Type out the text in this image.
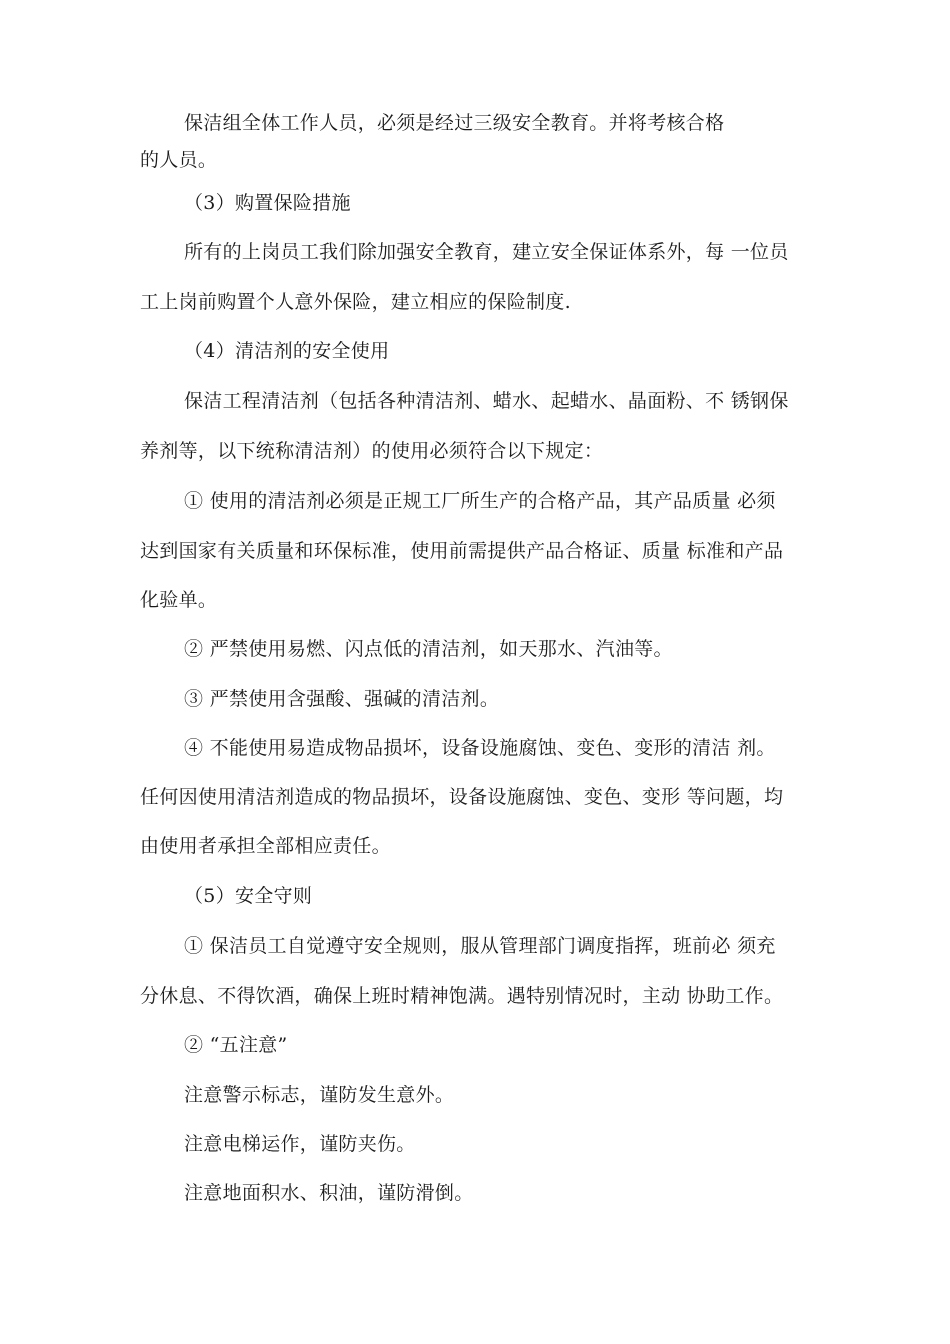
保洁组全体工作人员，必须是经过三级安全教育。并将考核合格
的人员。
（3）购置保险措施
所有的上岗员工我们除加强安全教育，建立安全保证体系外，每 一位员
工上岗前购置个人意外保险，建立相应的保险制度.
（4）清洁剂的安全使用
保洁工程清洁剂（包括各种清洁剂、蜡水、起蜡水、晶面粉、不 锈钢保
养剂等，以下统称清洁剂）的使用必须符合以下规定：
① 使用的清洁剂必须是正规工厂所生产的合格产品，其产品质量 必须
达到国家有关质量和环保标准，使用前需提供产品合格证、质量 标准和产品
化验单。
② 严禁使用易燃、闪点低的清洁剂，如天那水、汽油等。
③ 严禁使用含强酸、强碱的清洁剂。
④ 不能使用易造成物品损坏，设备设施腐蚀、变色、变形的清洁 剂。
任何因使用清洁剂造成的物品损坏，设备设施腐蚀、变色、变形 等问题，均
由使用者承担全部相应责任。
（5）安全守则
① 保洁员工自觉遵守安全规则，服从管理部门调度指挥，班前必 须充
分休息、不得饮酒，确保上班时精神饱满。遇特别情况时，主动 协助工作。
② “五注意”
注意警示标志，谨防发生意外。
注意电梯运作，谨防夹伤。
注意地面积水、积油，谨防滑倒。
